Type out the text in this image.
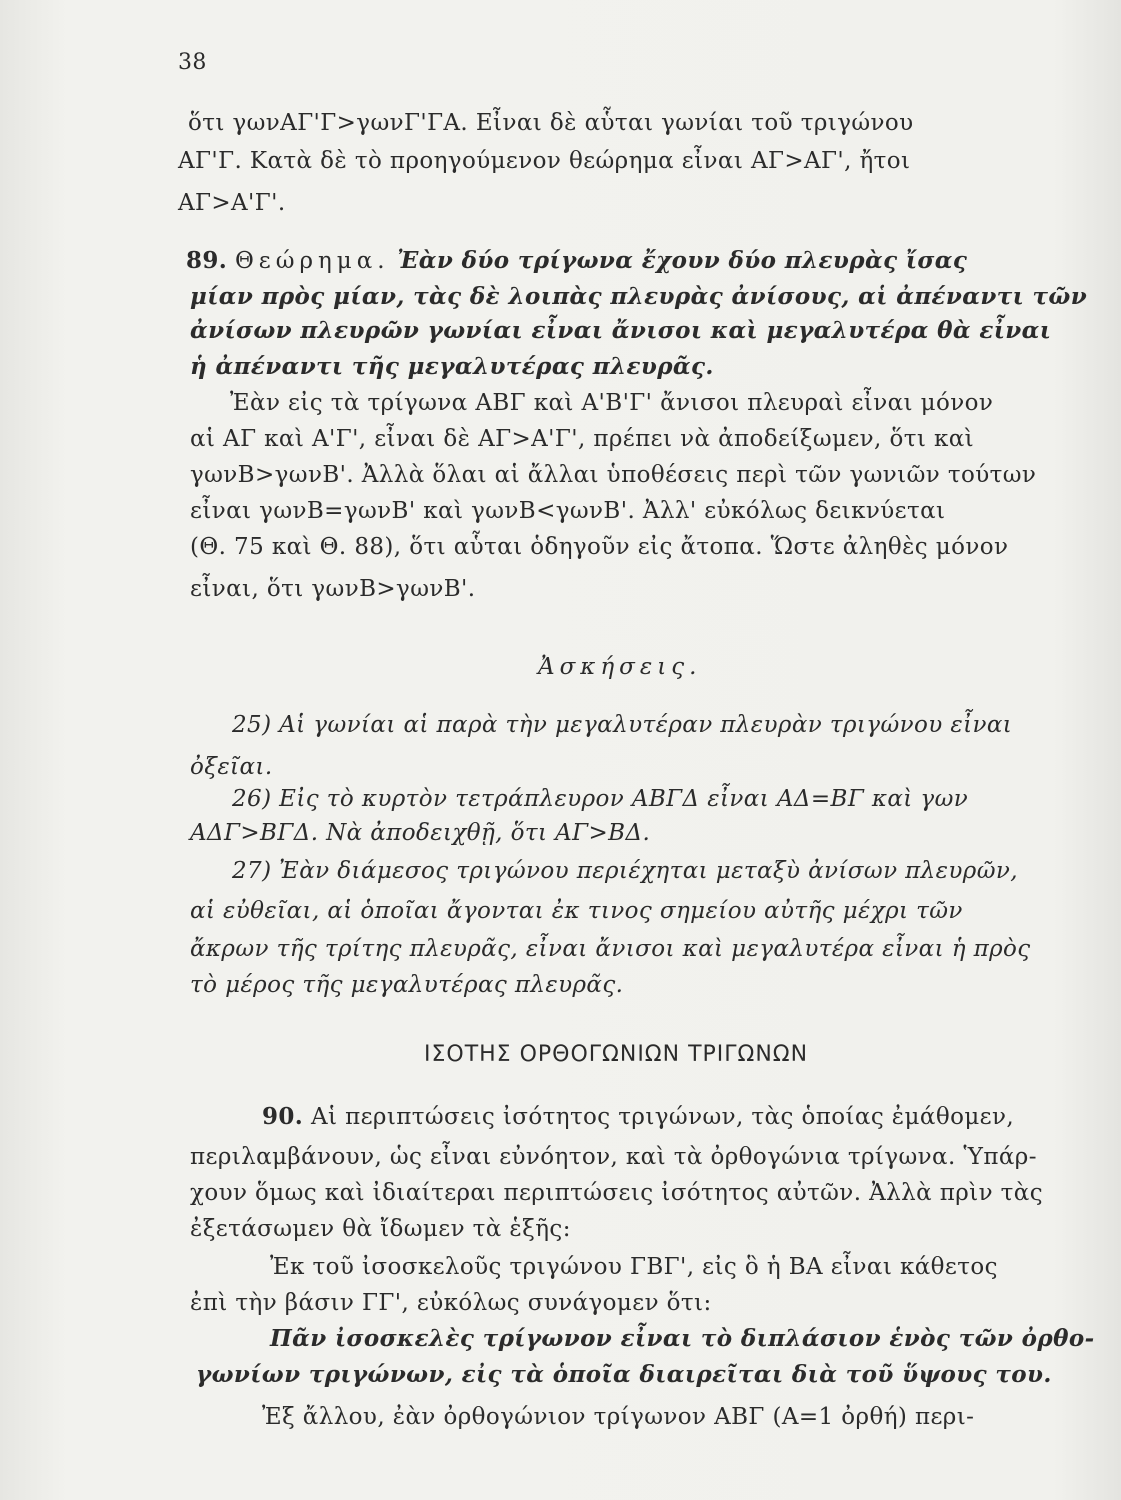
38
ὅτι γωνΑΓ'Γ>γωνΓ'ΓΑ. Εἶναι δὲ αὗται γωνίαι τοῦ τριγώνου
ΑΓ'Γ. Κατὰ δὲ τὸ προηγούμενον θεώρημα εἶναι ΑΓ>ΑΓ', ἤτοι
ΑΓ>Α'Γ'.
89. Θεώρημα. Ἐὰν δύο τρίγωνα ἔχουν δύο πλευρὰς ἴσας
μίαν πρὸς μίαν, τὰς δὲ λοιπὰς πλευρὰς ἀνίσους, αἱ ἀπέναντι τῶν
ἀνίσων πλευρῶν γωνίαι εἶναι ἄνισοι καὶ μεγαλυτέρα θὰ εἶναι
ἡ ἀπέναντι τῆς μεγαλυτέρας πλευρᾶς.
Ἐὰν εἰς τὰ τρίγωνα ΑΒΓ καὶ Α'Β'Γ' ἄνισοι πλευραὶ εἶναι μόνον
αἱ ΑΓ καὶ Α'Γ', εἶναι δὲ ΑΓ>Α'Γ', πρέπει νὰ ἀποδείξωμεν, ὅτι καὶ
γωνΒ>γωνΒ'. Ἀλλὰ ὅλαι αἱ ἄλλαι ὑποθέσεις περὶ τῶν γωνιῶν τούτων
εἶναι γωνΒ=γωνΒ' καὶ γωνΒ<γωνΒ'. Ἀλλ' εὐκόλως δεικνύεται
(Θ. 75 καὶ Θ. 88), ὅτι αὗται ὁδηγοῦν εἰς ἄτοπα. Ὥστε ἀληθὲς μόνον
εἶναι, ὅτι γωνΒ>γωνΒ'.
Ἀσκήσεις.
25) Αἱ γωνίαι αἱ παρὰ τὴν μεγαλυτέραν πλευρὰν τριγώνου εἶναι
ὀξεῖαι.
26) Εἰς τὸ κυρτὸν τετράπλευρον ΑΒΓΔ εἶναι ΑΔ=ΒΓ καὶ γων
ΑΔΓ>ΒΓΔ. Νὰ ἀποδειχθῇ, ὅτι ΑΓ>ΒΔ.
27) Ἐὰν διάμεσος τριγώνου περιέχηται μεταξὺ ἀνίσων πλευρῶν,
αἱ εὐθεῖαι, αἱ ὁποῖαι ἄγονται ἐκ τινος σημείου αὐτῆς μέχρι τῶν
ἄκρων τῆς τρίτης πλευρᾶς, εἶναι ἄνισοι καὶ μεγαλυτέρα εἶναι ἡ πρὸς
τὸ μέρος τῆς μεγαλυτέρας πλευρᾶς.
ΙΣΟΤΗΣ ΟΡΘΟΓΩΝΙΩΝ ΤΡΙΓΩΝΩΝ
90. Αἱ περιπτώσεις ἰσότητος τριγώνων, τὰς ὁποίας ἐμάθομεν,
περιλαμβάνουν, ὡς εἶναι εὐνόητον, καὶ τὰ ὀρθογώνια τρίγωνα. Ὑπάρ-
χουν ὅμως καὶ ἰδιαίτεραι περιπτώσεις ἰσότητος αὐτῶν. Ἀλλὰ πρὶν τὰς
ἐξετάσωμεν θὰ ἴδωμεν τὰ ἑξῆς:
Ἐκ τοῦ ἰσοσκελοῦς τριγώνου ΓΒΓ', εἰς ὃ ἡ ΒΑ εἶναι κάθετος
ἐπὶ τὴν βάσιν ΓΓ', εὐκόλως συνάγομεν ὅτι:
Πᾶν ἰσοσκελὲς τρίγωνον εἶναι τὸ διπλάσιον ἑνὸς τῶν ὀρθο-
γωνίων τριγώνων, εἰς τὰ ὁποῖα διαιρεῖται διὰ τοῦ ὕψους του.
Ἐξ ἄλλου, ἐὰν ὀρθογώνιον τρίγωνον ΑΒΓ (Α=1 ὀρθή) περι-
